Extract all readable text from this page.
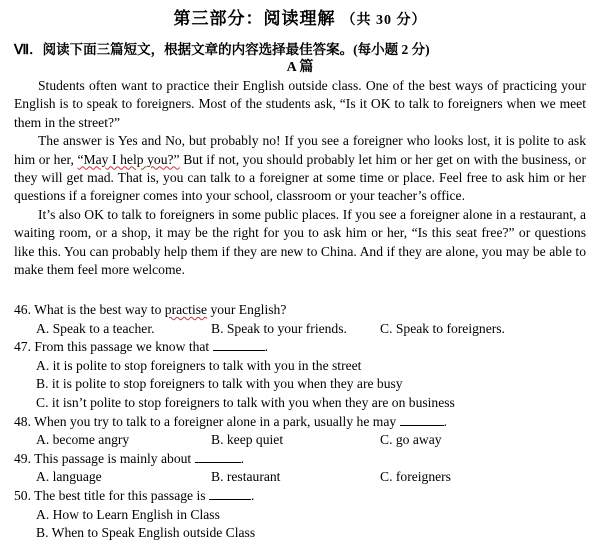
第三部分：阅读理解 （共 30 分）
Ⅶ．阅读下面三篇短文，根据文章的内容选择最佳答案。(每小题 2 分)
A 篇

Students often want to practice their English outside class. One of the best ways of practicing your English is to speak to foreigners. Most of the students ask, “Is it OK to talk to foreigners when we meet them in the street?”

The answer is Yes and No, but probably no! If you see a foreigner who looks lost, it is polite to ask him or her, “May I help you?” But if not, you should probably let him or her get on with the business, or they will get mad. That is, you can talk to a foreigner at some time or place. Feel free to ask him or her questions if a foreigner comes into your school, classroom or your teacher’s office.

It’s also OK to talk to foreigners in some public places. If you see a foreigner alone in a restaurant, a waiting room, or a shop, it may be the right for you to ask him or her, “Is this seat free?” or questions like this. You can probably help them if they are new to China. And if they are alone, you may be able to make them feel more welcome.

46. What is the best way to practise your English?
A. Speak to a teacher.	B. Speak to your friends. C. Speak to foreigners.
47. From this passage we know that	.
A. it is polite to stop foreigners to talk with you in the street
B. it is polite to stop foreigners to talk with you when they are busy
C. it isn’t polite to stop foreigners to talk with you when they are on business
48. When you try to talk to a foreigner alone in a park, usually he may	.
A. become angry	B. keep quiet	C. go away
49. This passage is mainly about	.
A. language	B. restaurant	C. foreigners
50. The best title for this passage is	.
A. How to Learn English in Class
B. When to Speak English outside Class
